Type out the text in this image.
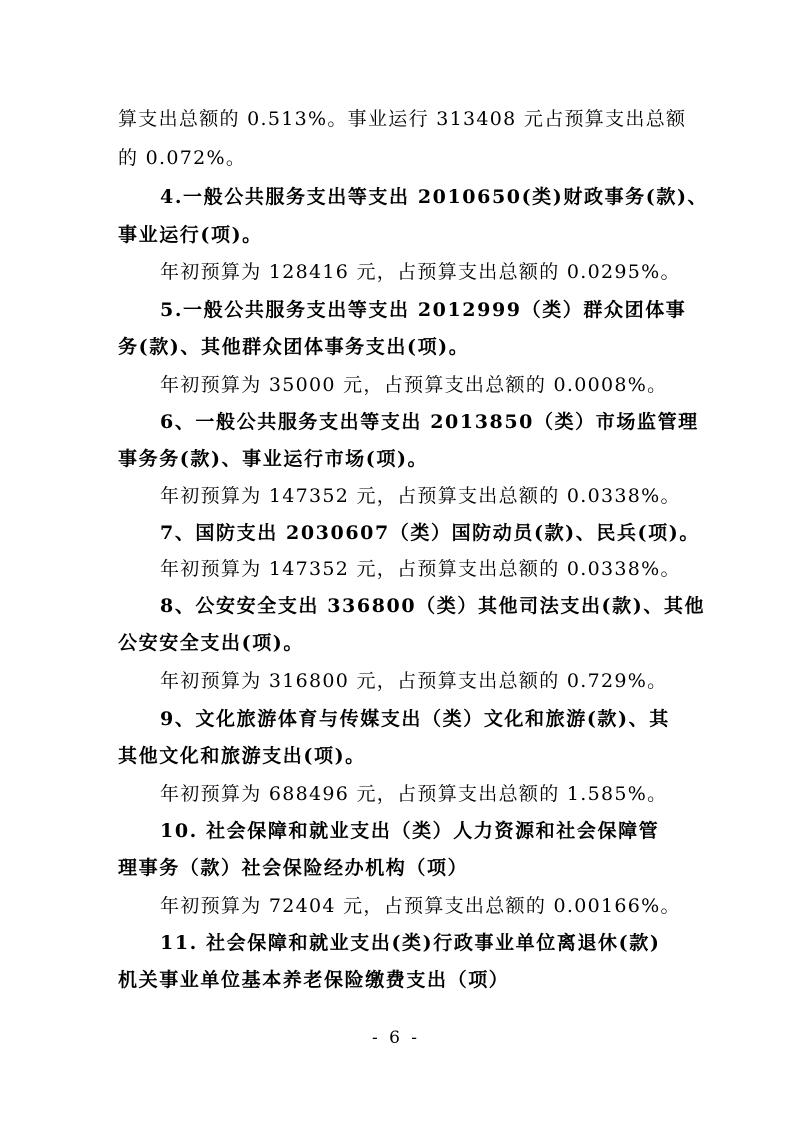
算支出总额的 0.513%。事业运行 313408 元占预算支出总额
的 0.072%。
4.一般公共服务支出等支出 2010650(类)财政事务(款)、
事业运行(项)。
年初预算为 128416 元，占预算支出总额的 0.0295%。
5.一般公共服务支出等支出 2012999（类）群众团体事
务(款)、其他群众团体事务支出(项)。
年初预算为 35000 元，占预算支出总额的 0.0008%。
6、一般公共服务支出等支出 2013850（类）市场监管理
事务务(款)、事业运行市场(项)。
年初预算为 147352 元，占预算支出总额的 0.0338%。
7、国防支出 2030607（类）国防动员(款)、民兵(项)。
年初预算为 147352 元，占预算支出总额的 0.0338%。
8、公安安全支出 336800（类）其他司法支出(款)、其他
公安安全支出(项)。
年初预算为 316800 元，占预算支出总额的 0.729%。
9、文化旅游体育与传媒支出（类）文化和旅游(款)、其
其他文化和旅游支出(项)。
年初预算为 688496 元，占预算支出总额的 1.585%。
10. 社会保障和就业支出（类）人力资源和社会保障管
理事务（款）社会保险经办机构（项）
年初预算为 72404 元，占预算支出总额的 0.00166%。
11. 社会保障和就业支出(类)行政事业单位离退休(款)
机关事业单位基本养老保险缴费支出（项）
- 6 -
